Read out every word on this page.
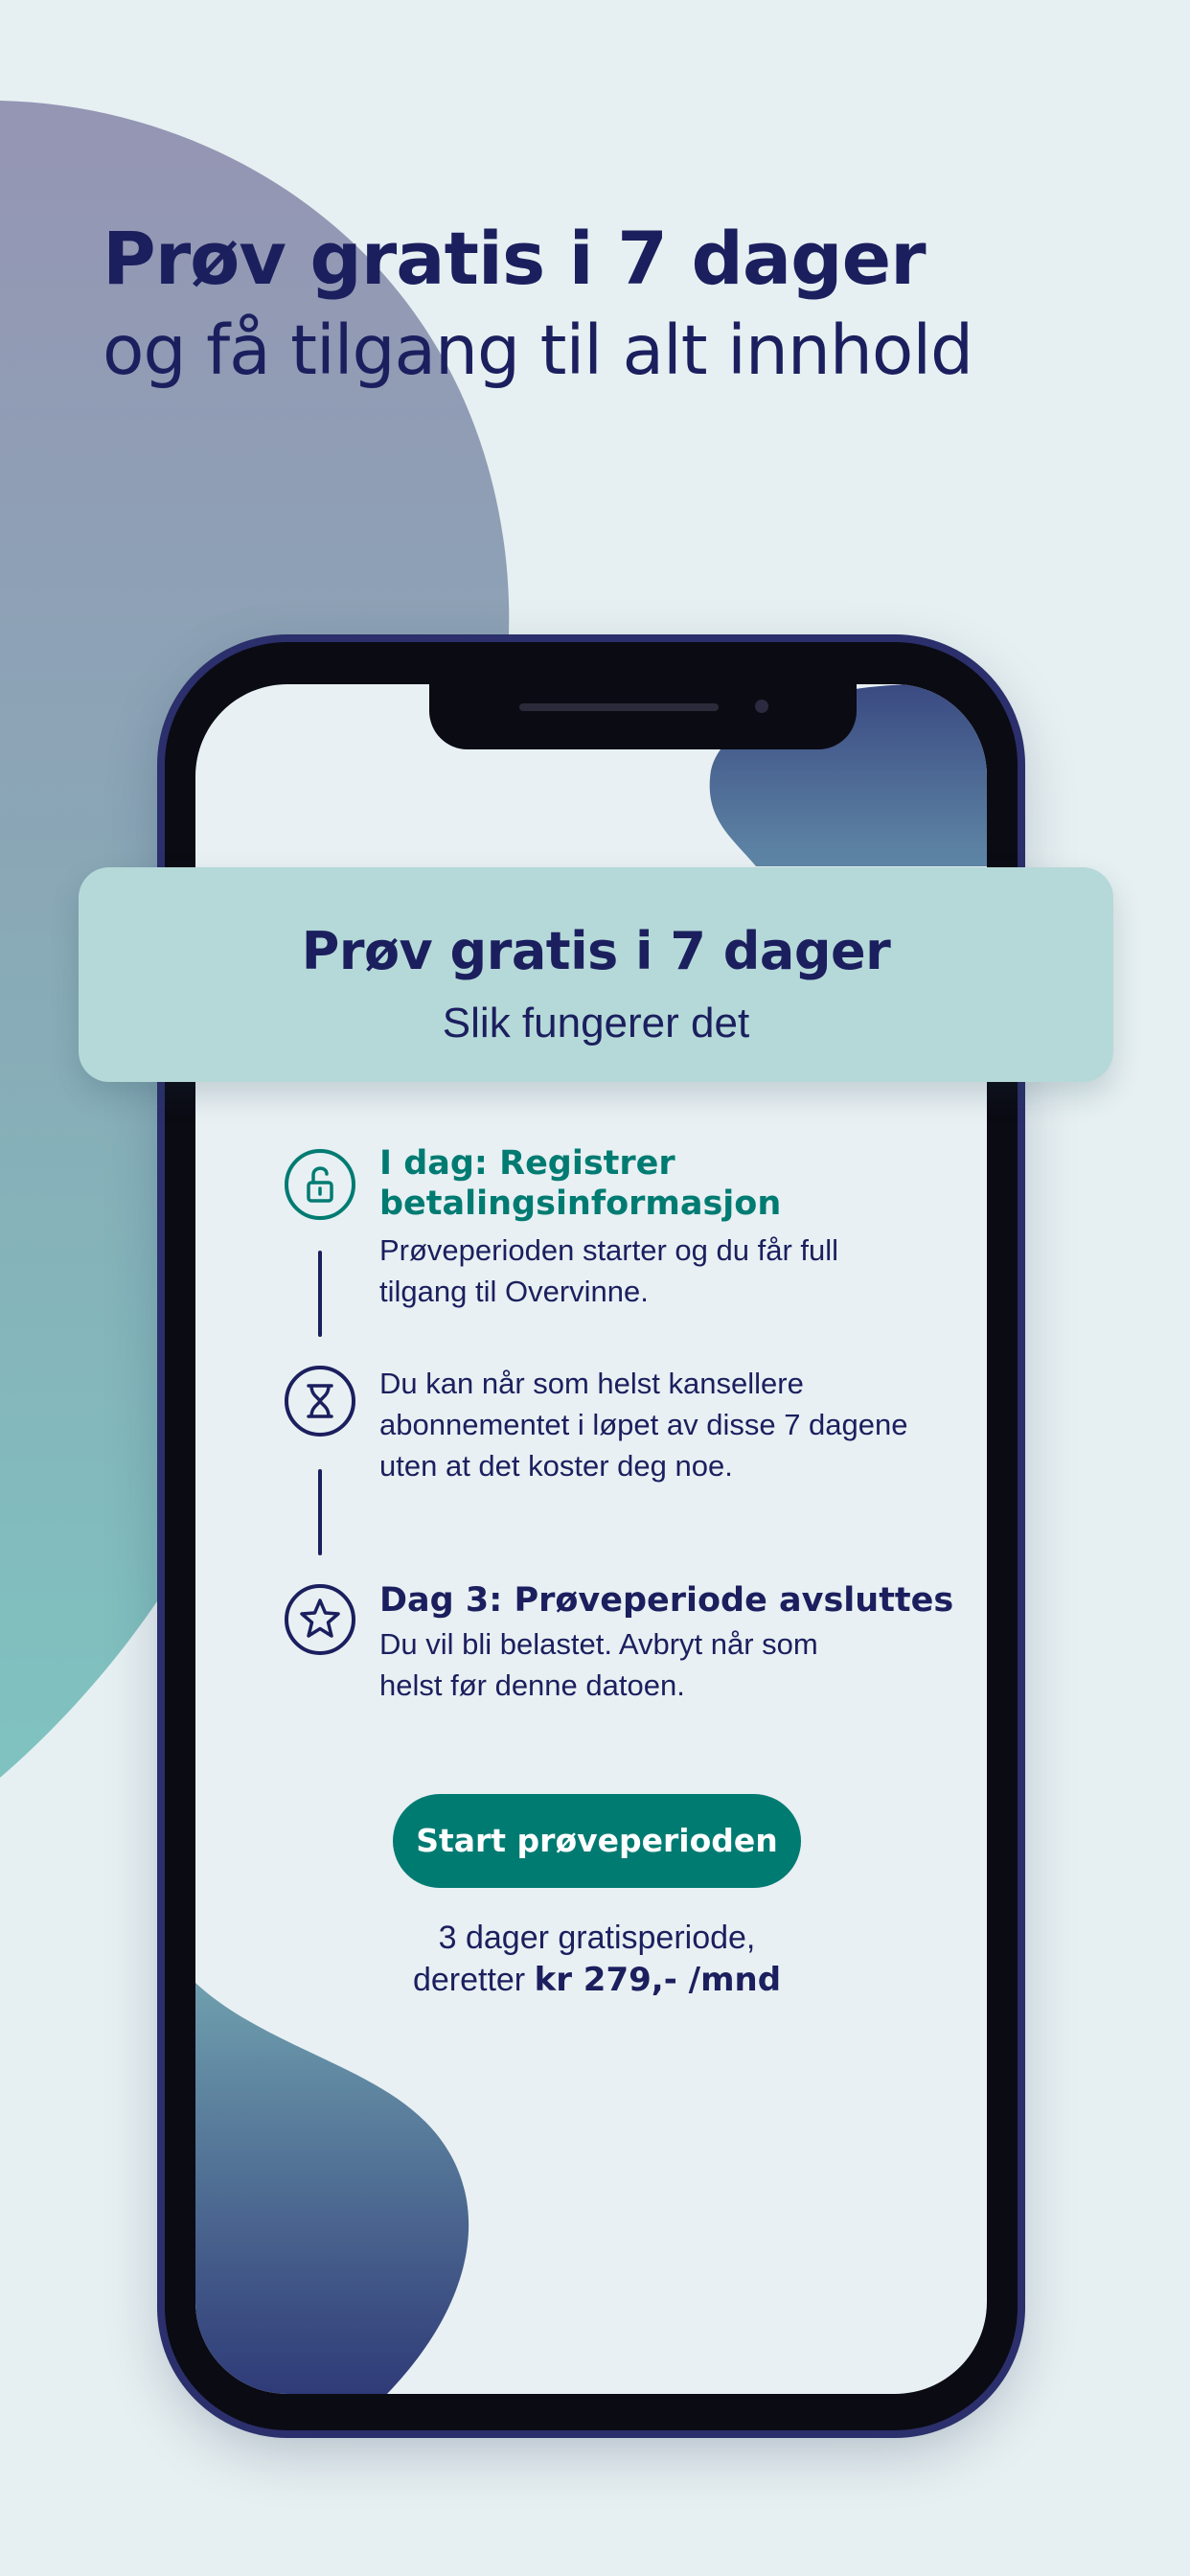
Prøv gratis i 7 dager
og få tilgang til alt innhold
Prøv gratis i 7 dager
Slik fungerer det
I dag: Registrer
betalingsinformasjon
Prøveperioden starter og du får full
tilgang til Overvinne.
Du kan når som helst kansellere
abonnementet i løpet av disse 7 dagene
uten at det koster deg noe.
Dag 3: Prøveperiode avsluttes
Du vil bli belastet. Avbryt når som
helst før denne datoen.
Start prøveperioden
3 dager gratisperiode,
deretter kr 279,- /mnd
